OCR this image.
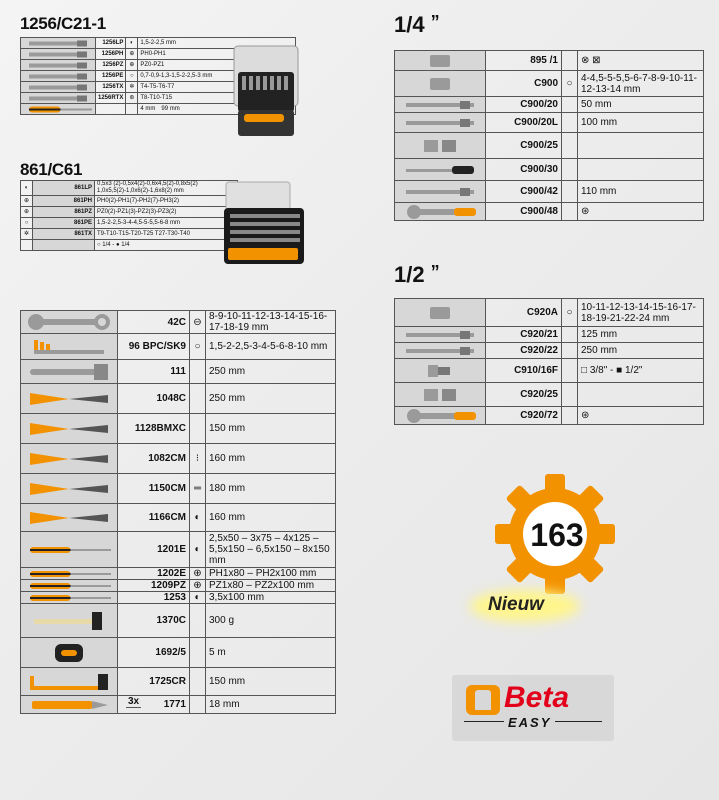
1256/C21-1
	1256LP	◐	1,5-2-2,5 mm

	1256PH	⊕	PH0-PH1

	1256PZ	⊕	PZ0-PZ1

	1256PE	○	0,7-0,9-1,3-1,5-2-2,5-3 mm

	1256TX	✲	T4-T5-T6-T7

	1256RTX	⊛	T8-T10-T15

			4 mm 99 mm
861/C61
◐	861LP	0,5x3 (2)-0,5x4(2)-0,6x4,5(2)-0,8x5(2) 1,0x5,5(2)-1,0x6(2)-1,6x8(2) mm
⊕	861PH	PH0(2)-PH1(7)-PH2(7)-PH3(2)
⊕	861PZ	PZ0(2)-PZ1(3)-PZ2(3)-PZ3(2)
○	861PE	1,5-2-2,5-3-4-4,5-5-5,5-6-8 mm
✲	861TX	T9-T10-T15-T20-T25 T27-T30-T40
		○ 1/4 - ● 1/4
	42C	⊖	8-9-10-11-12-13-14-15-16-17-18-19 mm

	96 BPC/SK9	○	1,5-2-2,5-3-4-5-6-8-10 mm

	111		250 mm

	1048C		250 mm

	1128BMXC		150 mm

	1082CM	⁝	160 mm

	1150CM	═	180 mm

	1166CM	◐	160 mm

	1201E	◐	2,5x50 – 3x75 – 4x125 – 5,5x150 – 6,5x150 – 8x150 mm

	1202E	⊕	PH1x80 – PH2x100 mm

	1209PZ	⊕	PZ1x80 – PZ2x100 mm

	1253	◐	3,5x100 mm

	1370C		300 g

	1692/5		5 m

	1725CR		150 mm

	1771		18 mm
3x
1/4 ”
	895 /1		⊗ ⊠

	C900	○	4-4,5-5-5,5-6-7-8-9-10-11-12-13-14 mm

	C900/20		50 mm

	C900/20L		100 mm

	C900/25		

	C900/30		

	C900/42		110 mm

	C900/48		⊛
1/2 ”
	C920A	○	10-11-12-13-14-15-16-17-18-19-21-22-24 mm

	C920/21		125 mm

	C920/22		250 mm

	C910/16F		□ 3/8" - ■ 1/2"

	C920/25		

	C920/72		⊛
163
Nieuw
Beta
EASY
